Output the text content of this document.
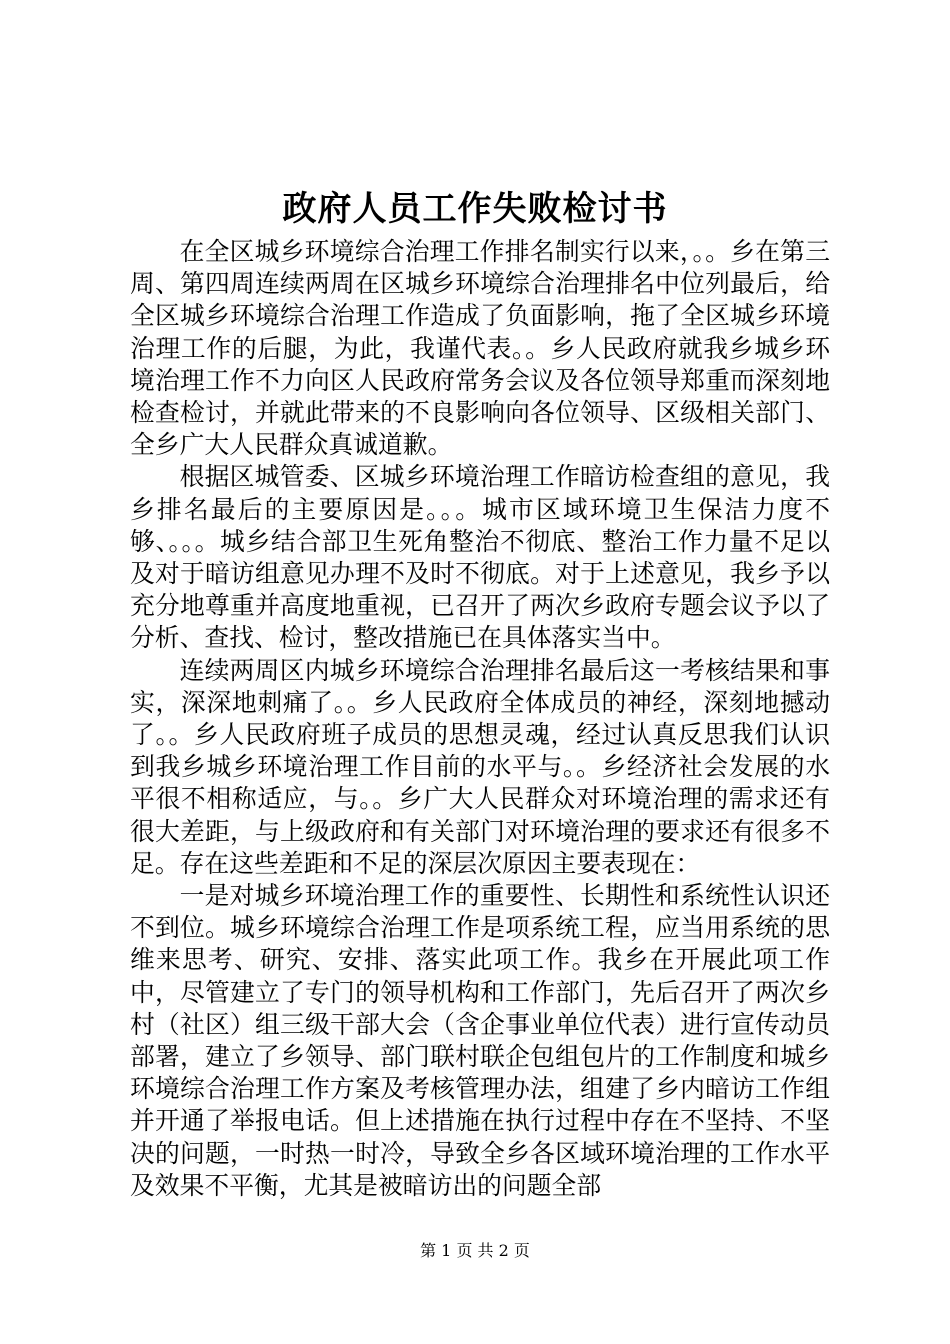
政府人员工作失败检讨书

在全区城乡环境综合治理工作排名制实行以来，。。乡在第三周、第四周连续两周在区城乡环境综合治理排名中位列最后，给全区城乡环境综合治理工作造成了负面影响，拖了全区城乡环境治理工作的后腿，为此，我谨代表。。乡人民政府就我乡城乡环境治理工作不力向区人民政府常务会议及各位领导郑重而深刻地检查检讨，并就此带来的不良影响向各位领导、区级相关部门、全乡广大人民群众真诚道歉。

根据区城管委、区城乡环境治理工作暗访检查组的意见，我乡排名最后的主要原因是。。。城市区域环境卫生保洁力度不够、。。。城乡结合部卫生死角整治不彻底、整治工作力量不足以及对于暗访组意见办理不及时不彻底。对于上述意见，我乡予以充分地尊重并高度地重视，已召开了两次乡政府专题会议予以了分析、查找、检讨，整改措施已在具体落实当中。

连续两周区内城乡环境综合治理排名最后这一考核结果和事实，深深地刺痛了。。乡人民政府全体成员的神经，深刻地撼动了。。乡人民政府班子成员的思想灵魂，经过认真反思我们认识到我乡城乡环境治理工作目前的水平与。。乡经济社会发展的水平很不相称适应，与。。乡广大人民群众对环境治理的需求还有很大差距，与上级政府和有关部门对环境治理的要求还有很多不足。存在这些差距和不足的深层次原因主要表现在：

一是对城乡环境治理工作的重要性、长期性和系统性认识还不到位。城乡环境综合治理工作是项系统工程，应当用系统的思维来思考、研究、安排、落实此项工作。我乡在开展此项工作中，尽管建立了专门的领导机构和工作部门，先后召开了两次乡村（社区）组三级干部大会（含企事业单位代表）进行宣传动员部署，建立了乡领导、部门联村联企包组包片的工作制度和城乡环境综合治理工作方案及考核管理办法，组建了乡内暗访工作组并开通了举报电话。但上述措施在执行过程中存在不坚持、不坚决的问题，一时热一时冷，导致全乡各区域环境治理的工作水平及效果不平衡，尤其是被暗访出的问题全部

第 1 页 共 2 页
